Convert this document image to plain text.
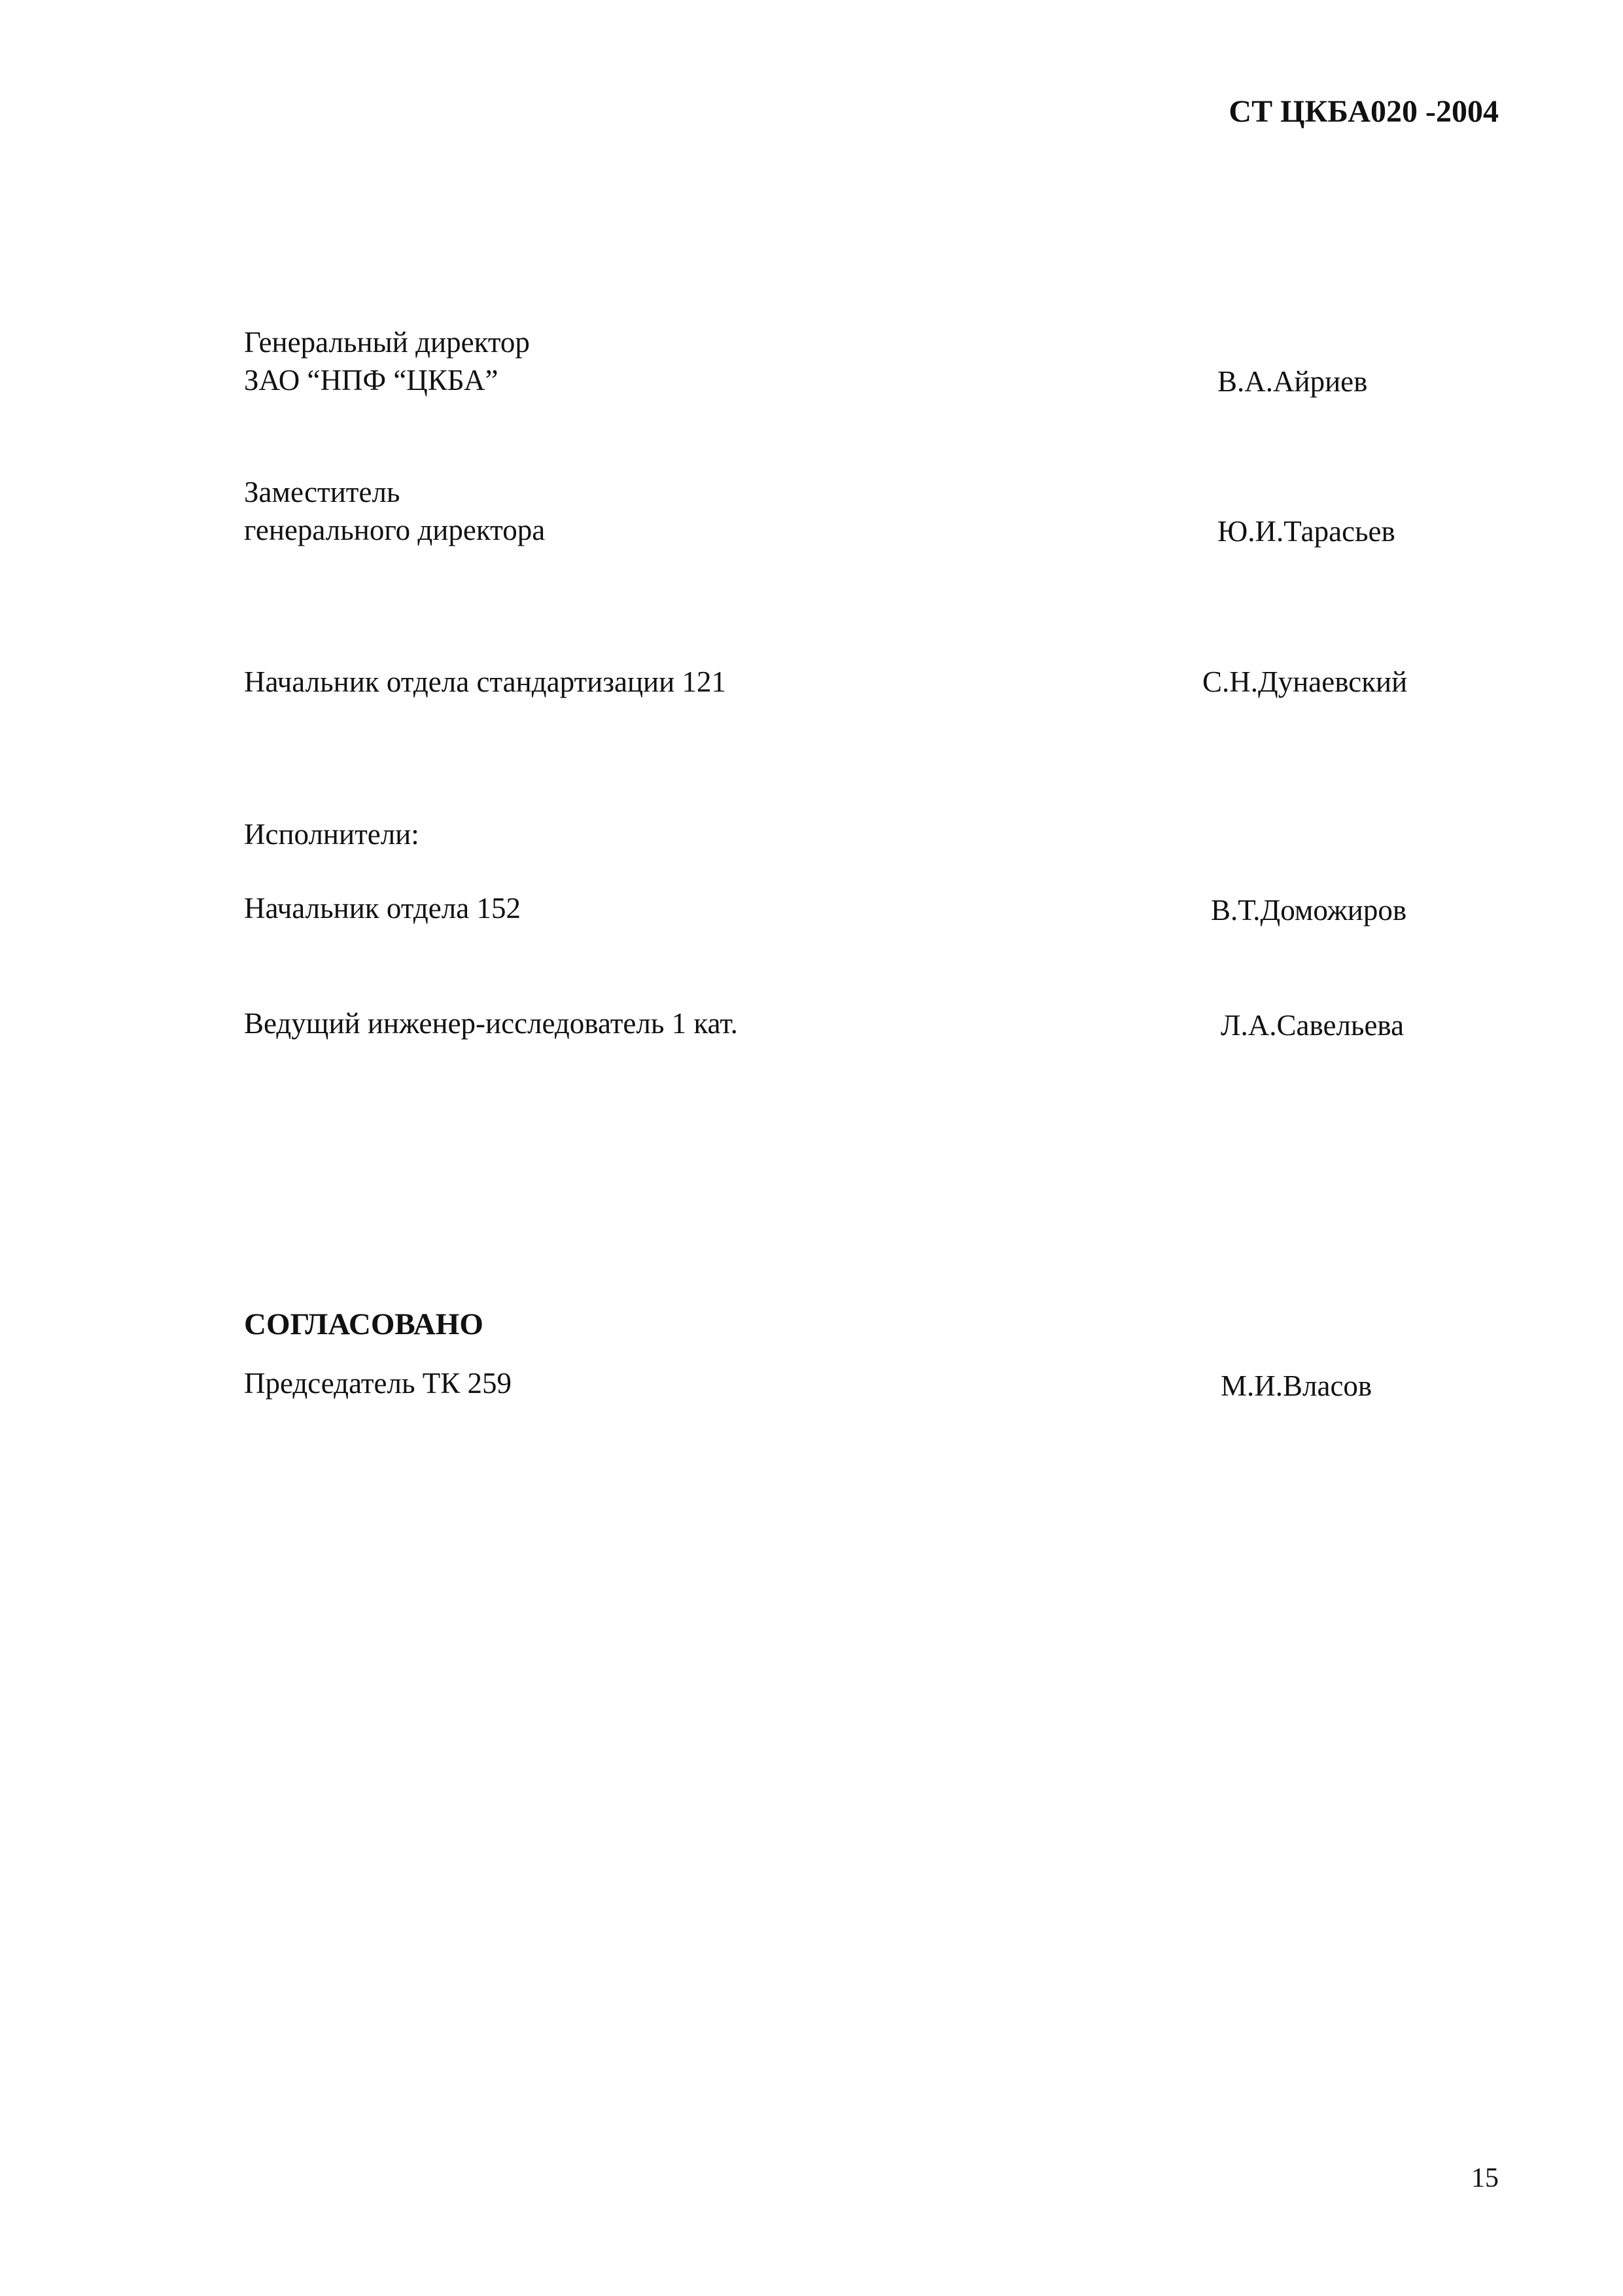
СТ ЦКБА020 -2004
Генеральный директор
ЗАО “НПФ “ЦКБА”	В.А.Айриев
Заместитель
генерального директора	Ю.И.Тарасьев
Начальник отдела стандартизации 121	С.Н.Дунаевский
Исполнители:
Начальник отдела 152	В.Т.Доможиров
Ведущий инженер-исследователь 1 кат.	Л.А.Савельева
СОГЛАСОВАНО
Председатель ТК 259	М.И.Власов
15
